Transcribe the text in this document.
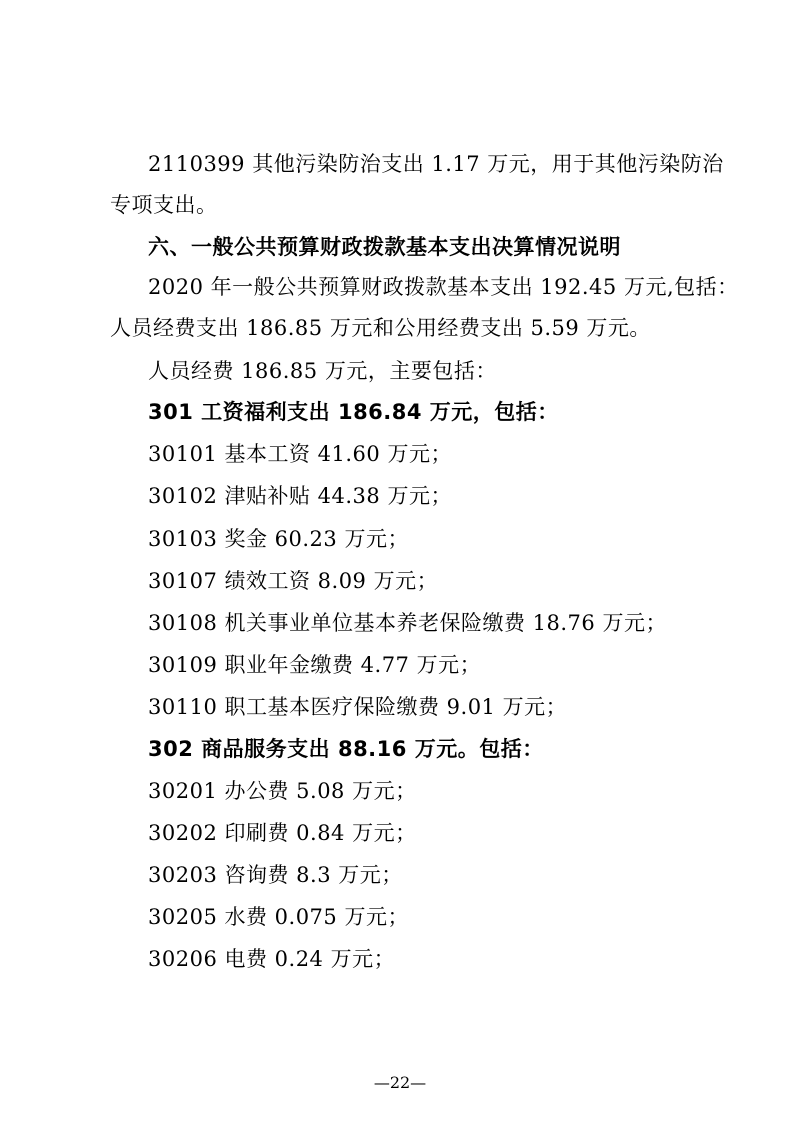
2110399 其他污染防治支出 1.17 万元，用于其他污染防治
专项支出。
六、一般公共预算财政拨款基本支出决算情况说明
2020 年一般公共预算财政拨款基本支出 192.45 万元,包括：
人员经费支出 186.85 万元和公用经费支出 5.59 万元。
人员经费 186.85 万元，主要包括：
301 工资福利支出 186.84 万元，包括：
30101 基本工资 41.60 万元；
30102 津贴补贴 44.38 万元；
30103 奖金 60.23 万元；
30107 绩效工资 8.09 万元；
30108 机关事业单位基本养老保险缴费 18.76 万元；
30109 职业年金缴费 4.77 万元；
30110 职工基本医疗保险缴费 9.01 万元；
302 商品服务支出 88.16 万元。包括：
30201 办公费 5.08 万元；
30202 印刷费 0.84 万元；
30203 咨询费 8.3 万元；
30205 水费 0.075 万元；
30206 电费 0.24 万元；
—22—
